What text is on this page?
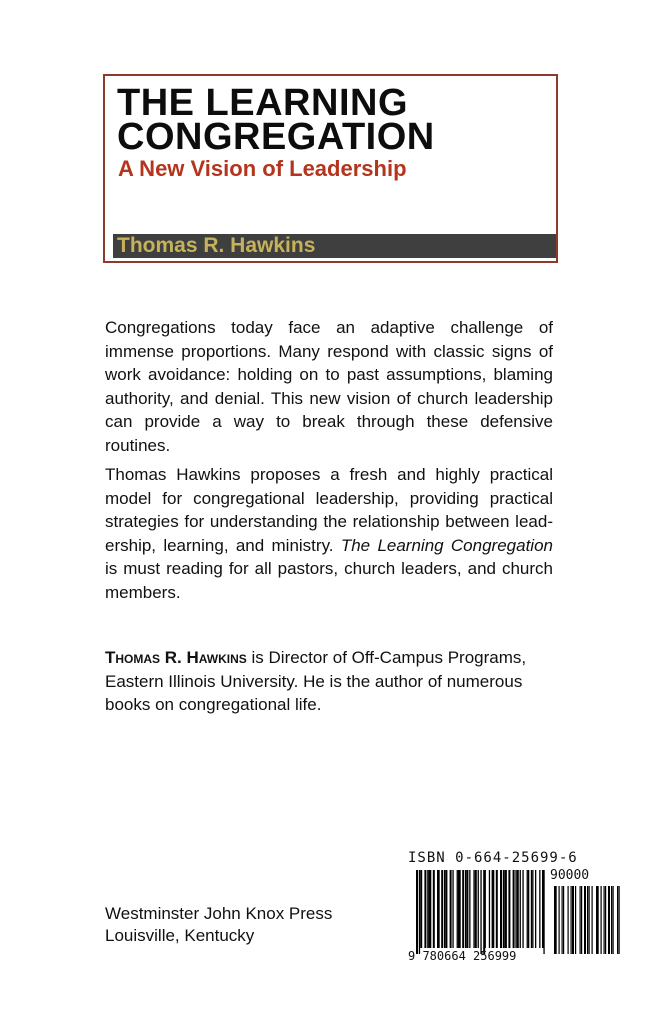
THE LEARNING
CONGREGATION
A New Vision of Leadership
Thomas R. Hawkins

Congregations today face an adaptive challenge of immense proportions. Many respond with classic signs of work avoidance: holding on to past assumptions, blaming authority, and denial. This new vision of church leadership can provide a way to break through these defensive routines.

Thomas Hawkins proposes a fresh and highly practical model for congregational leadership, providing practical strategies for understanding the relationship between lead-ership, learning, and ministry. The Learning Congregation is must reading for all pastors, church leaders, and church members.

Thomas R. Hawkins is Director of Off-Campus Programs, Eastern Illinois University. He is the author of numerous books on congregational life.

Westminster John Knox Press
Louisville, Kentucky
ISBN 0-664-25699-6
90000
9 780664 256999
